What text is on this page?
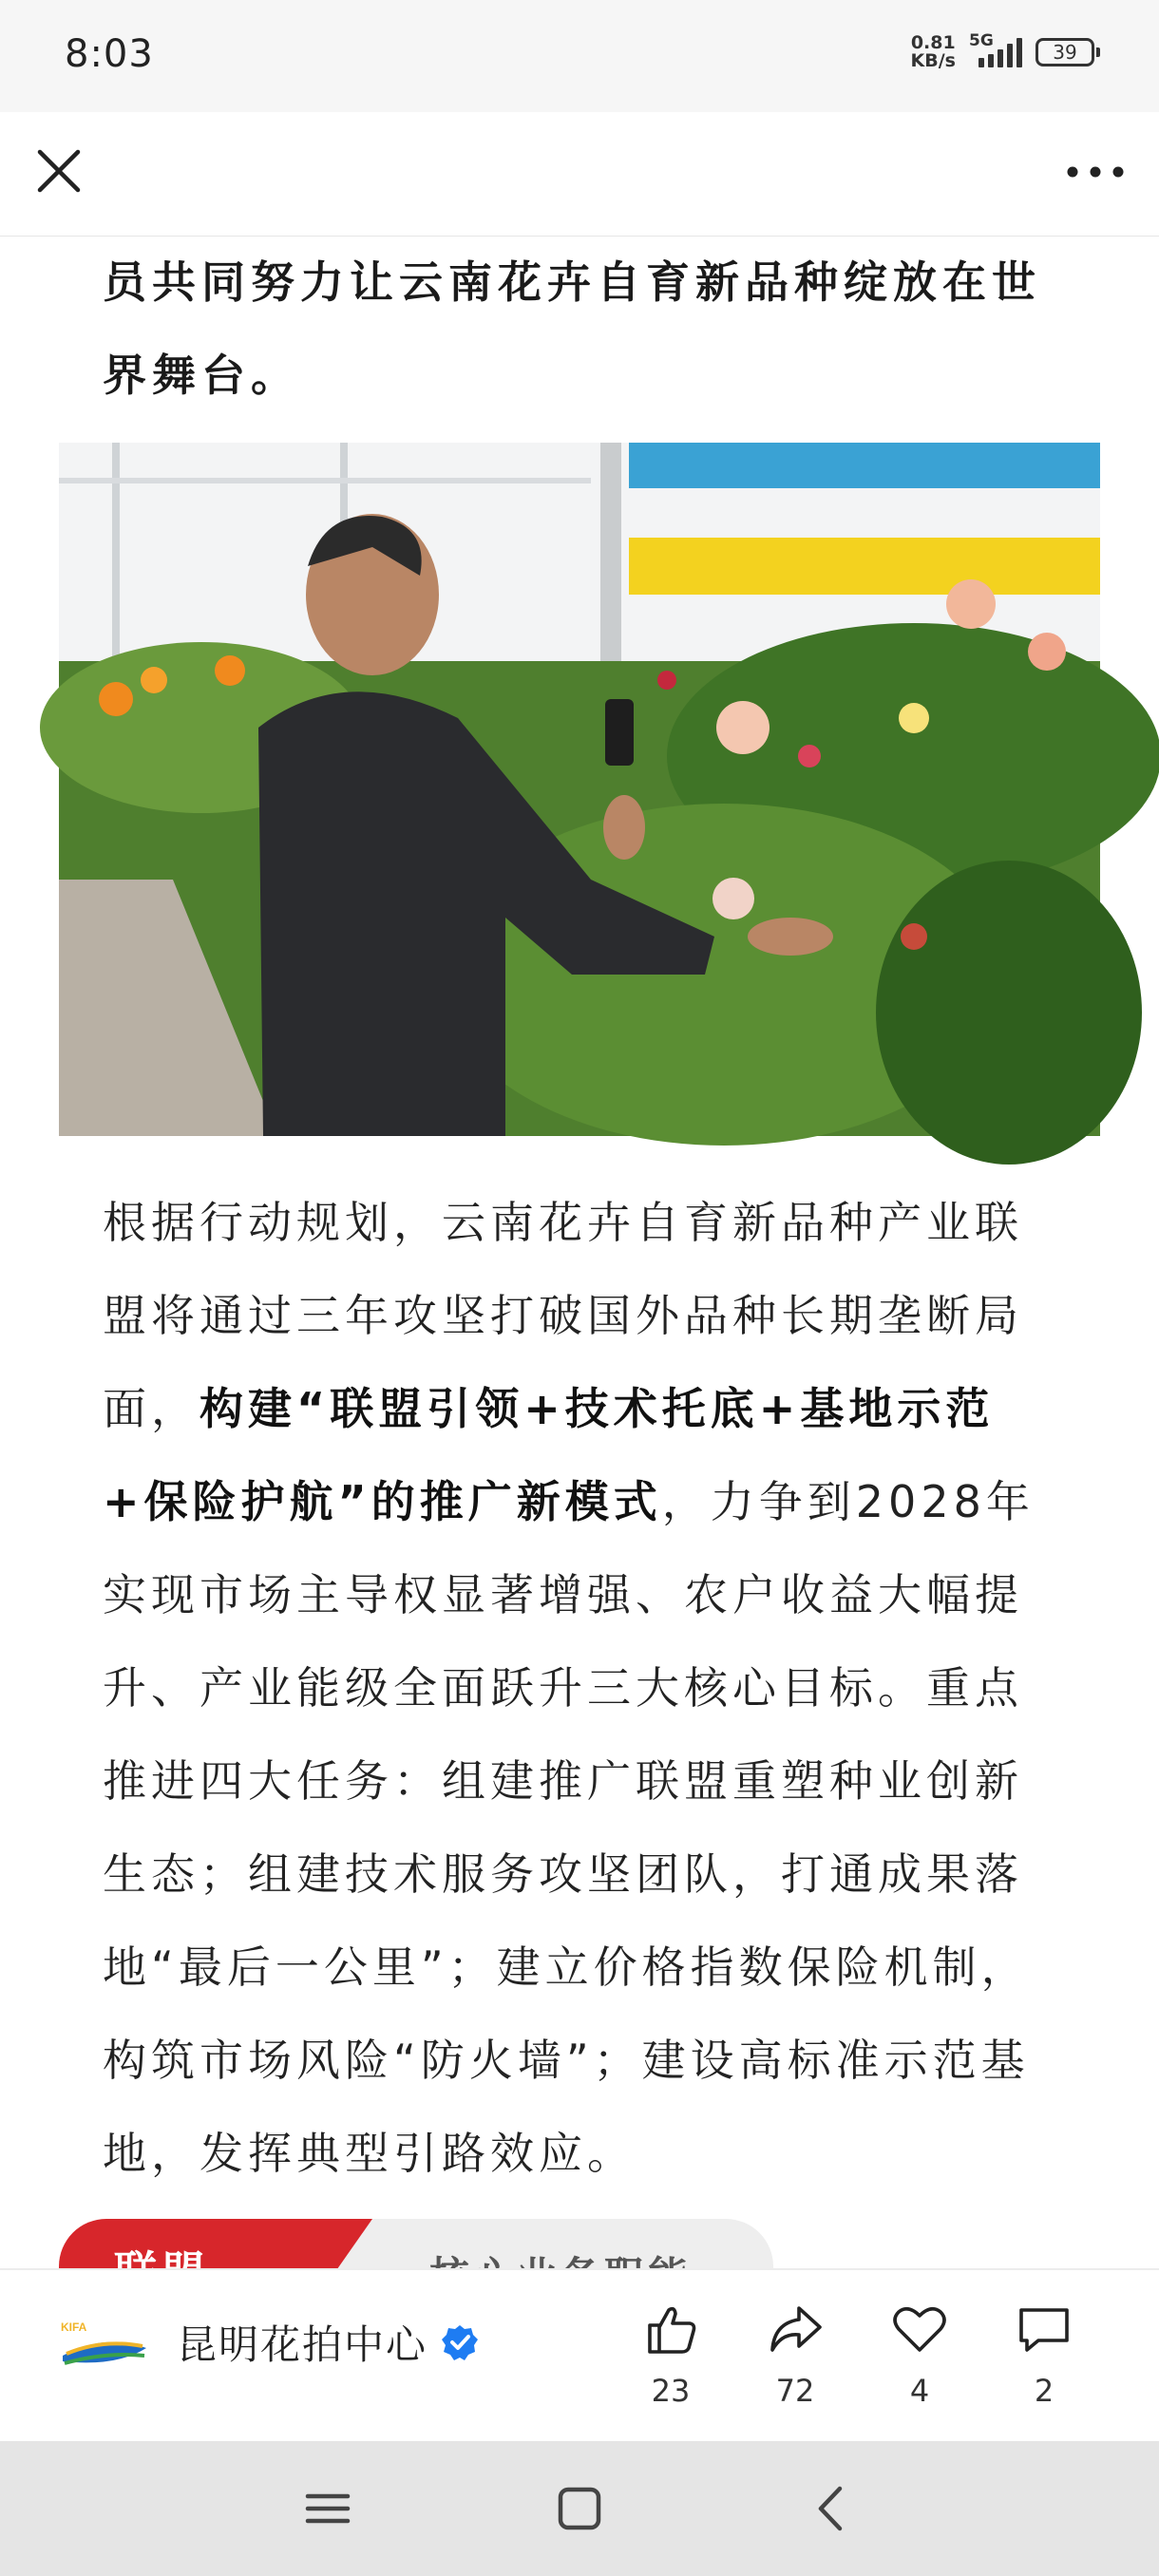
8:03	0.81
KB/s
5G	39
员共同努力让云南花卉自育新品种绽放在世界舞台。
根据行动规划，云南花卉自育新品种产业联盟将通过三年攻坚打破国外品种长期垄断局面，构建“联盟引领+技术托底+基地示范+保险护航”的推广新模式，力争到2028年实现市场主导权显著增强、农户收益大幅提升、产业能级全面跃升三大核心目标。重点推进四大任务：组建推广联盟重塑种业创新生态；组建技术服务攻坚团队，打通成果落地“最后一公里”；建立价格指数保险机制，构筑市场风险“防火墙”；建设高标准示范基地，发挥典型引路效应。
KIFA 昆明花拍中心
23	72	4	2
